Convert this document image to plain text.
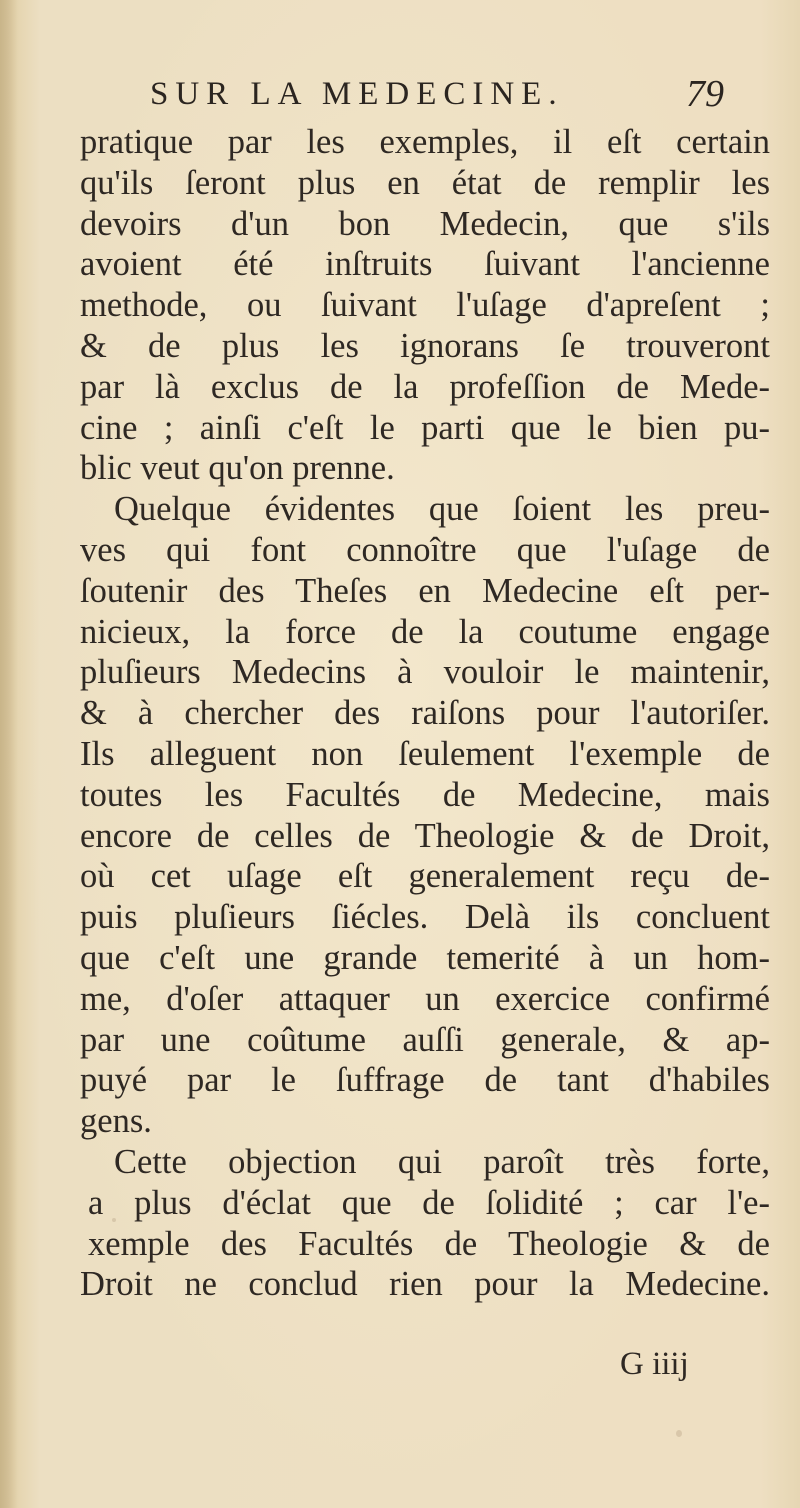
SUR LA MEDECINE.	79
pratique par les exemples, il eſt certain
qu'ils ſeront plus en état de remplir les
devoirs d'un bon Medecin, que s'ils
avoient été inſtruits ſuivant l'ancienne
methode, ou ſuivant l'uſage d'apreſent ;
& de plus les ignorans ſe trouveront
par là exclus de la profeſſion de Mede-
cine ; ainſi c'eſt le parti que le bien pu-
blic veut qu'on prenne.
Quelque évidentes que ſoient les preu-
ves qui font connoître que l'uſage de
ſoutenir des Theſes en Medecine eſt per-
nicieux, la force de la coutume engage
pluſieurs Medecins à vouloir le maintenir,
& à chercher des raiſons pour l'autoriſer.
Ils alleguent non ſeulement l'exemple de
toutes les Facultés de Medecine, mais
encore de celles de Theologie & de Droit,
où cet uſage eſt generalement reçu de-
puis pluſieurs ſiécles. Delà ils concluent
que c'eſt une grande temerité à un hom-
me, d'oſer attaquer un exercice confirmé
par une coûtume auſſi generale, & ap-
puyé par le ſuffrage de tant d'habiles
gens.
Cette objection qui paroît très forte,
a plus d'éclat que de ſolidité ; car l'e-
xemple des Facultés de Theologie & de
Droit ne conclud rien pour la Medecine.
G iiij
